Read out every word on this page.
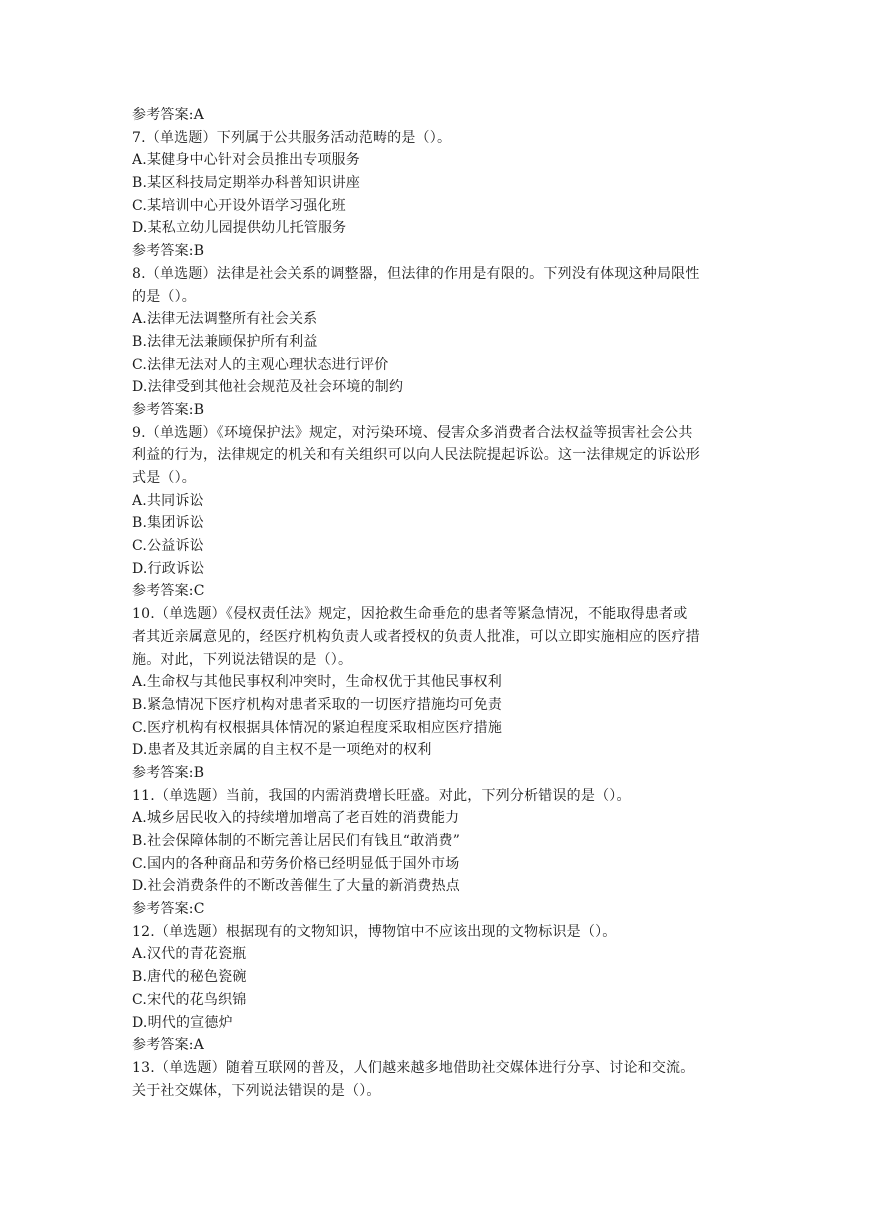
参考答案:A
7.（单选题）下列属于公共服务活动范畴的是（）。
A.某健身中心针对会员推出专项服务
B.某区科技局定期举办科普知识讲座
C.某培训中心开设外语学习强化班
D.某私立幼儿园提供幼儿托管服务
参考答案:B
8.（单选题）法律是社会关系的调整器，但法律的作用是有限的。下列没有体现这种局限性
的是（）。
A.法律无法调整所有社会关系
B.法律无法兼顾保护所有利益
C.法律无法对人的主观心理状态进行评价
D.法律受到其他社会规范及社会环境的制约
参考答案:B
9.（单选题）《环境保护法》规定，对污染环境、侵害众多消费者合法权益等损害社会公共
利益的行为，法律规定的机关和有关组织可以向人民法院提起诉讼。这一法律规定的诉讼形
式是（）。
A.共同诉讼
B.集团诉讼
C.公益诉讼
D.行政诉讼
参考答案:C
10.（单选题）《侵权责任法》规定，因抢救生命垂危的患者等紧急情况，不能取得患者或
者其近亲属意见的，经医疗机构负责人或者授权的负责人批准，可以立即实施相应的医疗措
施。对此，下列说法错误的是（）。
A.生命权与其他民事权利冲突时，生命权优于其他民事权利
B.紧急情况下医疗机构对患者采取的一切医疗措施均可免责
C.医疗机构有权根据具体情况的紧迫程度采取相应医疗措施
D.患者及其近亲属的自主权不是一项绝对的权利
参考答案:B
11.（单选题）当前，我国的内需消费增长旺盛。对此，下列分析错误的是（）。
A.城乡居民收入的持续增加增高了老百姓的消费能力
B.社会保障体制的不断完善让居民们有钱且“敢消费”
C.国内的各种商品和劳务价格已经明显低于国外市场
D.社会消费条件的不断改善催生了大量的新消费热点
参考答案:C
12.（单选题）根据现有的文物知识，博物馆中不应该出现的文物标识是（）。
A.汉代的青花瓷瓶
B.唐代的秘色瓷碗
C.宋代的花鸟织锦
D.明代的宣德炉
参考答案:A
13.（单选题）随着互联网的普及，人们越来越多地借助社交媒体进行分享、讨论和交流。
关于社交媒体，下列说法错误的是（）。
